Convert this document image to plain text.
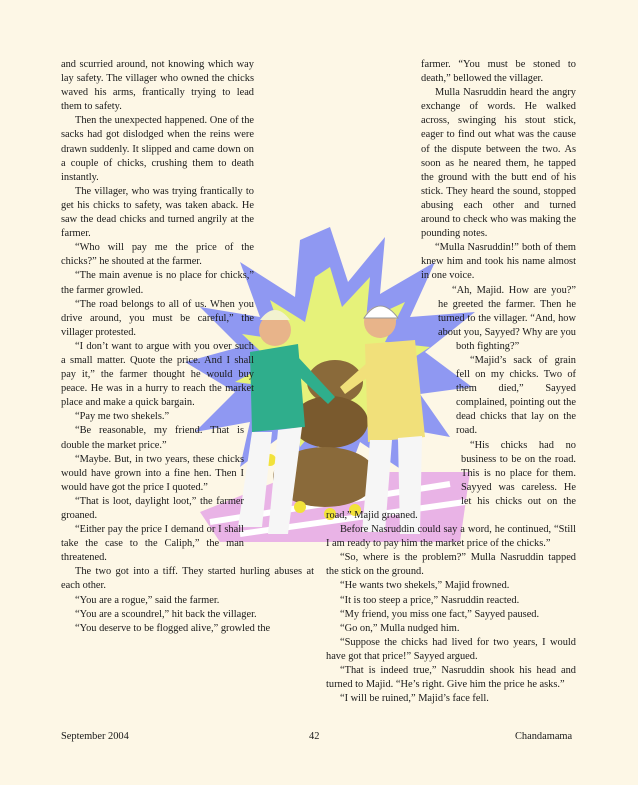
and scurried around, not knowing which way lay safety. The villager who owned the chicks waved his arms, frantically trying to lead them to safety.

Then the unexpected happened. One of the sacks had got dislodged when the reins were drawn suddenly. It slipped and came down on a couple of chicks, crushing them to death instantly.

The villager, who was trying frantically to get his chicks to safety, was taken aback. He saw the dead chicks and turned angrily at the farmer.

“Who will pay me the price of the chicks?” he shouted at the farmer.

“The main avenue is no place for chicks,” the farmer growled.

“The road belongs to all of us. When you drive around, you must be careful,” the villager protested.

“I don’t want to argue with you over such a small matter. Quote the price. And I shall pay it,” the farmer thought he would buy peace. He was in a hurry to reach the market place and make a quick bargain.

“Pay me two shekels.”

“Be reasonable, my friend. That is double the market price.”

“Maybe. But, in two years, these chicks would have grown into a fine hen. Then I would have got the price I quoted.”

“That is loot, daylight loot,” the farmer groaned.

“Either pay the price I demand or I shall take the case to the Caliph,” the man threatened.

The two got into a tiff. They started hurling abuses at each other.

“You are a rogue,” said the farmer.

“You are a scoundrel,” hit back the villager.

“You deserve to be flogged alive,” growled the

farmer. “You must be stoned to death,” bellowed the villager.

Mulla Nasruddin heard the angry exchange of words. He walked across, swinging his stout stick, eager to find out what was the cause of the dispute between the two. As soon as he neared them, he tapped the ground with the butt end of his stick. They heard the sound, stopped abusing each other and turned around to check who was making the pounding notes.

“Mulla Nasruddin!” both of them knew him and took his name almost in one voice.

“Ah, Majid. How are you?” he greeted the farmer. Then he turned to the villager. “And, how about you, Sayyed? Why are you both fighting?”

“Majid’s sack of grain fell on my chicks. Two of them died,” Sayyed complained, pointing out the dead chicks that lay on the road.

“His chicks had no business to be on the road. This is no place for them. Sayyed was careless. He let his chicks out on the road,” Majid groaned.

Before Nasruddin could say a word, he continued, “Still I am ready to pay him the market price of the chicks.”

“So, where is the problem?” Mulla Nasruddin tapped the stick on the ground.

“He wants two shekels,” Majid frowned.

“It is too steep a price,” Nasruddin reacted.

“My friend, you miss one fact,” Sayyed paused.

“Go on,” Mulla nudged him.

“Suppose the chicks had lived for two years, I would have got that price!” Sayyed argued.

“That is indeed true,” Nasruddin shook his head and turned to Majid. “He’s right. Give him the price he asks.”

“I will be ruined,” Majid’s face fell.

September 2004	42	Chandamama
